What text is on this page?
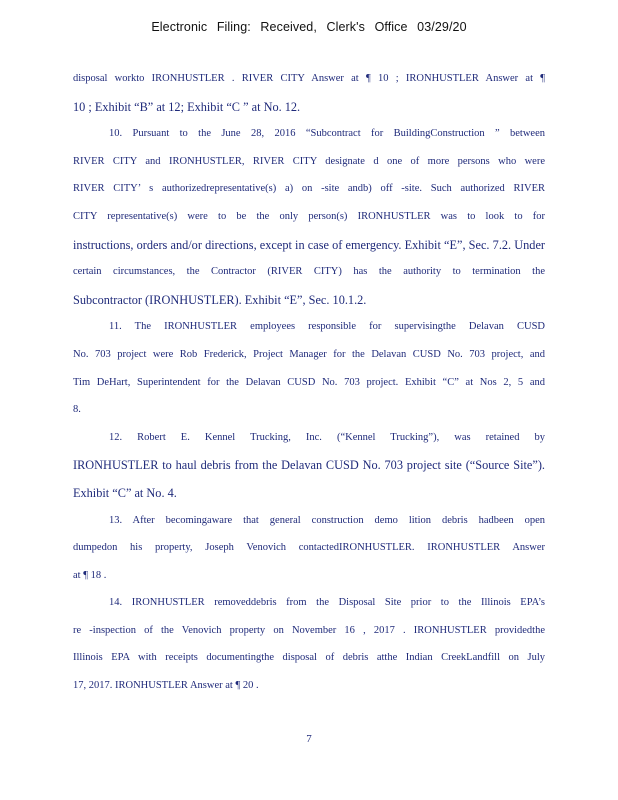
Electronic Filing: Received, Clerk's Office 03/29/20
disposal workto IRONHUSTLER . RIVER CITY Answer at ¶ 10 ; IRONHUSTLER Answer at ¶
10 ; Exhibit “B” at 12; Exhibit “C ” at No. 12.
10. Pursuant to the June 28, 2016 “Subcontract for BuildingConstruction ” between
RIVER CITY and IRONHUSTLER, RIVER CITY designate d one of more persons who were
RIVER CITY’ s authorizedrepresentative(s) a) on -site andb) off -site. Such authorized RIVER
CITY representative(s) were to be the only person(s) IRONHUSTLER was to look to for
instructions, orders and/or directions, except in case of emergency. Exhibit “E”, Sec. 7.2. Under
certain circumstances, the Contractor (RIVER CITY) has the authority to termination the
Subcontractor (IRONHUSTLER). Exhibit “E”, Sec. 10.1.2.
11. The IRONHUSTLER employees responsible for supervisingthe Delavan CUSD
No. 703 project were Rob Frederick, Project Manager for the Delavan CUSD No. 703 project, and
Tim DeHart, Superintendent for the Delavan CUSD No. 703 project. Exhibit “C” at Nos 2, 5 and
8.
12. Robert E. Kennel Trucking, Inc. (“Kennel Trucking”), was retained by
IRONHUSTLER to haul debris from the Delavan CUSD No. 703 project site (“Source Site”).
Exhibit “C” at No. 4.
13. After becomingaware that general construction demo lition debris hadbeen open
dumpedon his property, Joseph Venovich contactedIRONHUSTLER. IRONHUSTLER Answer
at ¶ 18 .
14. IRONHUSTLER removeddebris from the Disposal Site prior to the Illinois EPA’s
re -inspection of the Venovich property on November 16 , 2017 . IRONHUSTLER providedthe
Illinois EPA with receipts documentingthe disposal of debris atthe Indian CreekLandfill on July
17, 2017. IRONHUSTLER Answer at ¶ 20 .
7
